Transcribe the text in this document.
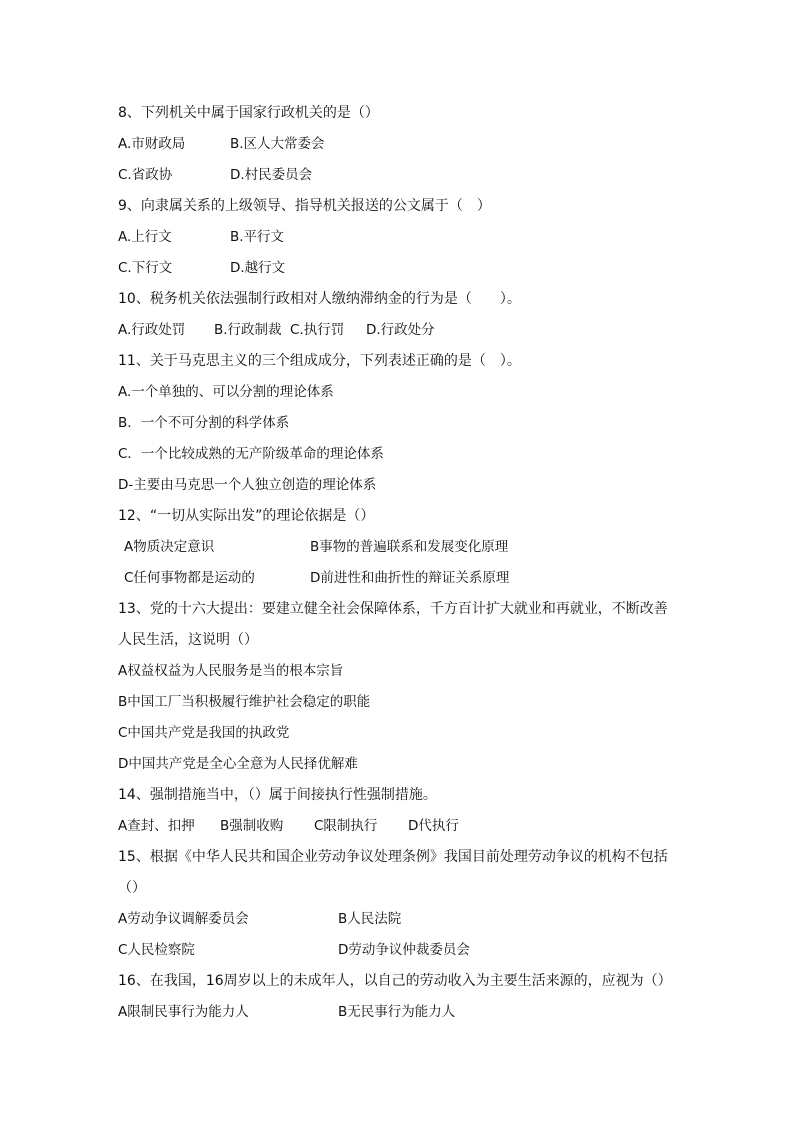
8、下列机关中属于国家行政机关的是（）
A.市财政局	B.区人大常委会
C.省政协	D.村民委员会
9、向隶属关系的上级领导、指导机关报送的公文属于（　）
A.上行文	B.平行文
C.下行文	D.越行文
10、税务机关依法强制行政相对人缴纳滞纳金的行为是（　　）。
A.行政处罚	B.行政制裁 C.执行罚	D.行政处分
11、关于马克思主义的三个组成成分，下列表述正确的是（　）。
A.一个单独的、可以分割的理论体系
B．一个不可分割的科学体系
C．一个比较成熟的无产阶级革命的理论体系
D-主要由马克思一个人独立创造的理论体系
12、“一切从实际出发”的理论依据是（）
A物质决定意识	B事物的普遍联系和发展变化原理
C任何事物都是运动的	D前进性和曲折性的辩证关系原理
13、党的十六大提出：要建立健全社会保障体系，千方百计扩大就业和再就业，不断改善
人民生活，这说明（）
A权益权益为人民服务是当的根本宗旨
B中国工厂当积极履行维护社会稳定的职能
C中国共产党是我国的执政党
D中国共产党是全心全意为人民择优解难
14、强制措施当中，（）属于间接执行性强制措施。
A查封、扣押	B强制收购	C限制执行	D代执行
15、根据《中华人民共和国企业劳动争议处理条例》我国目前处理劳动争议的机构不包括
（）
A劳动争议调解委员会	B人民法院
C人民检察院	D劳动争议仲裁委员会
16、在我国，16周岁以上的未成年人，以自己的劳动收入为主要生活来源的，应视为（）
A限制民事行为能力人	B无民事行为能力人
